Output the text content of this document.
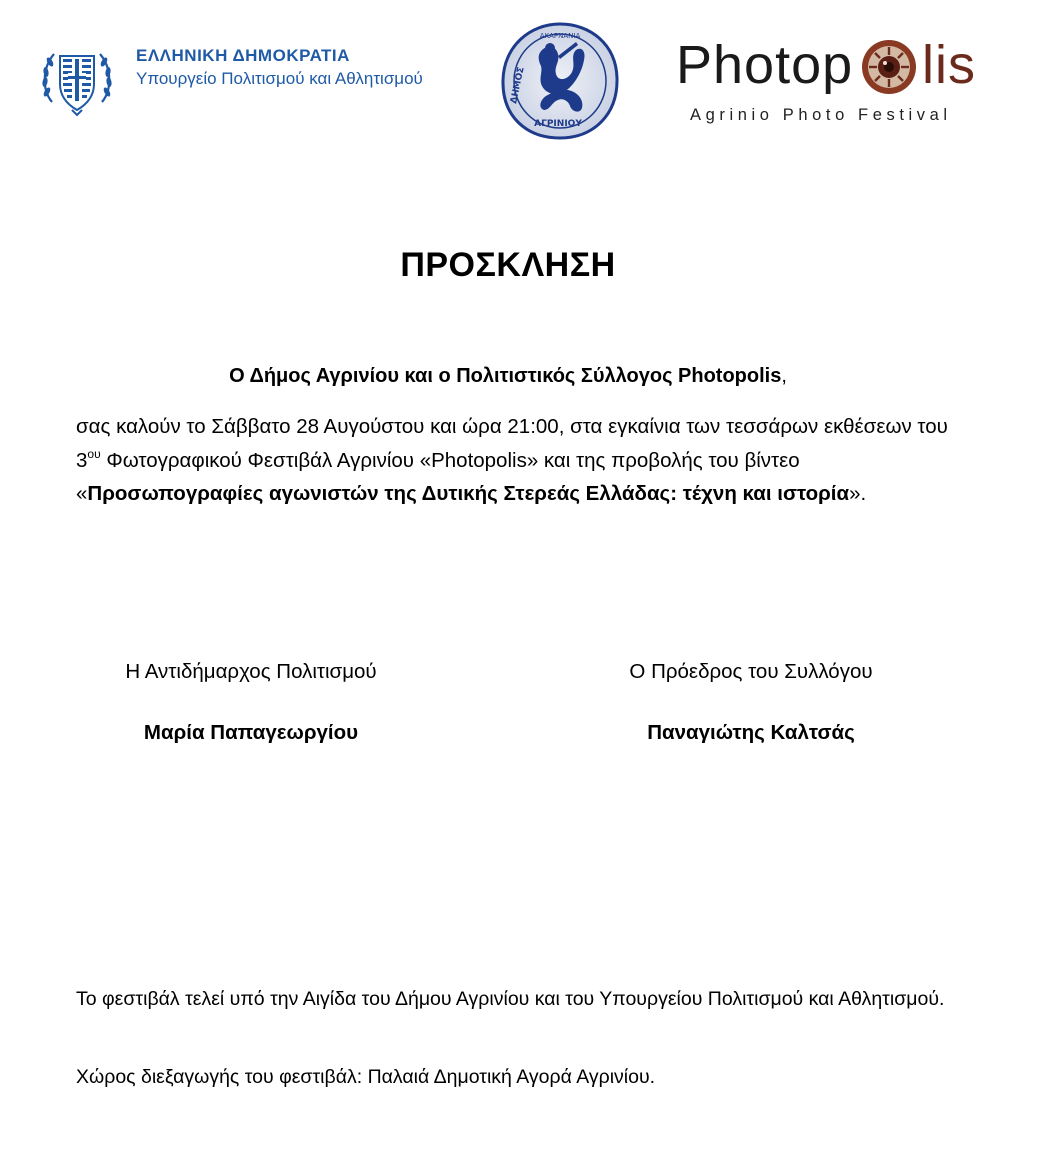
ΕΛΛΗΝΙΚΗ ΔΗΜΟΚΡΑΤΙΑ
Υπουργείο Πολιτισμού και Αθλητισμού
ΑΚΑΡΝΑΝΙΑ
ΑΓΡΙΝΙΟΥ
ΔΗΜΟΣ	Photop lis
Agrinio Photo Festival
ΠΡΟΣΚΛΗΣΗ
Ο Δήμος Αγρινίου και ο Πολιτιστικός Σύλλογος Photopolis,
σας καλούν το Σάββατο 28 Αυγούστου και ώρα 21:00, στα εγκαίνια των τεσσάρων εκθέσεων του $3^{o\upsilon}$ Φωτογραφικού Φεστιβάλ Αγρινίου «Photopolis» και της προβολής του βίντεο «Προσωπογραφίες αγωνιστών της Δυτικής Στερεάς Ελλάδας: τέχνη και ιστορία».
Η Αντιδήμαρχος Πολιτισμού
Μαρία Παπαγεωργίου
Ο Πρόεδρος του Συλλόγου
Παναγιώτης Καλτσάς
Το φεστιβάλ τελεί υπό την Αιγίδα του Δήμου Αγρινίου και του Υπουργείου Πολιτισμού και Αθλητισμού.
Χώρος διεξαγωγής του φεστιβάλ: Παλαιά Δημοτική Αγορά Αγρινίου.
